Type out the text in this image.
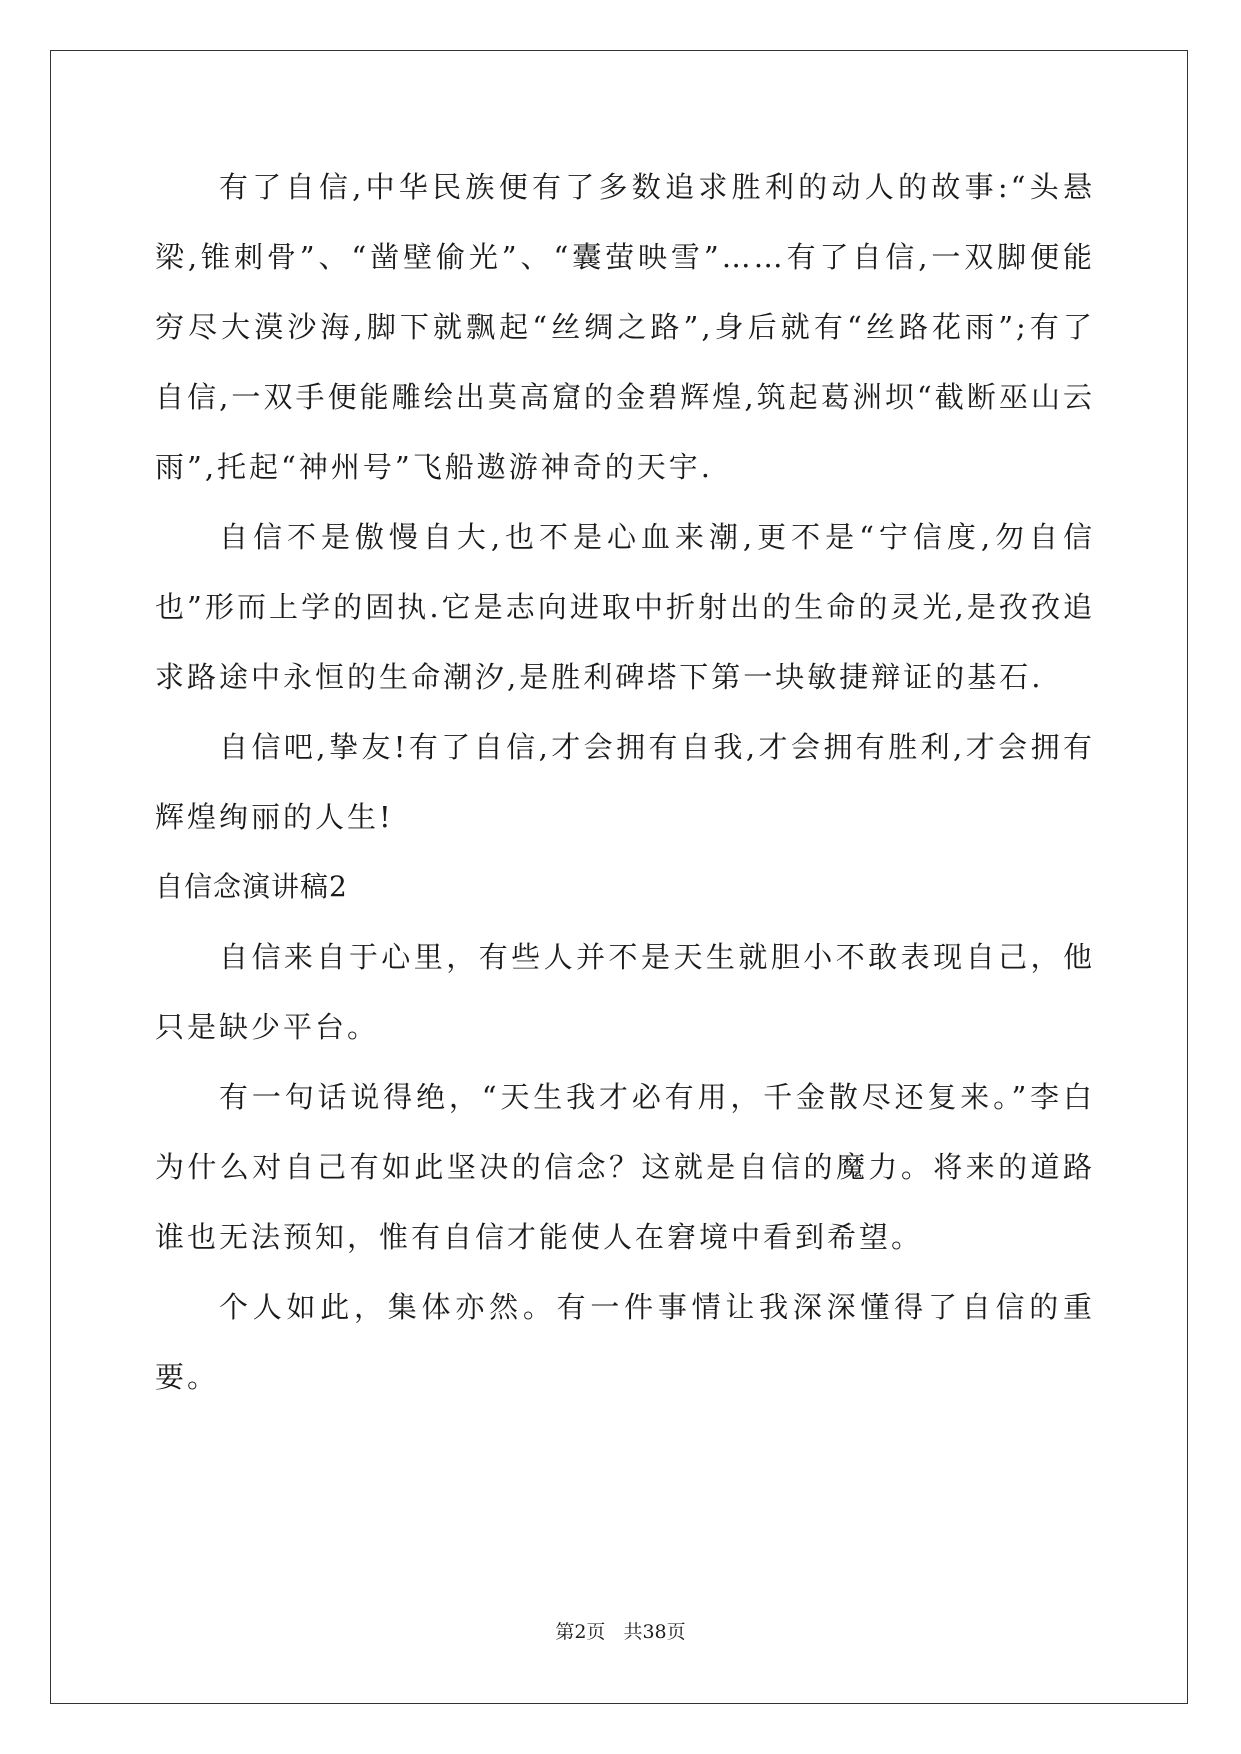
有了自信,中华民族便有了多数追求胜利的动人的故事:“头悬梁,锥刺骨”、“凿壁偷光”、“囊萤映雪”……有了自信,一双脚便能穷尽大漠沙海,脚下就飘起“丝绸之路”,身后就有“丝路花雨”;有了自信,一双手便能雕绘出莫高窟的金碧辉煌,筑起葛洲坝“截断巫山云雨”,托起“神州号”飞船遨游神奇的天宇.

自信不是傲慢自大,也不是心血来潮,更不是“宁信度,勿自信也”形而上学的固执.它是志向进取中折射出的生命的灵光,是孜孜追求路途中永恒的生命潮汐,是胜利碑塔下第一块敏捷辩证的基石.

自信吧,挚友!有了自信,才会拥有自我,才会拥有胜利,才会拥有辉煌绚丽的人生!

自信念演讲稿2

自信来自于心里，有些人并不是天生就胆小不敢表现自己，他只是缺少平台。

有一句话说得绝，“天生我才必有用，千金散尽还复来。”李白为什么对自己有如此坚决的信念？这就是自信的魔力。将来的道路谁也无法预知，惟有自信才能使人在窘境中看到希望。

个人如此，集体亦然。有一件事情让我深深懂得了自信的重要。

第2页 共38页
